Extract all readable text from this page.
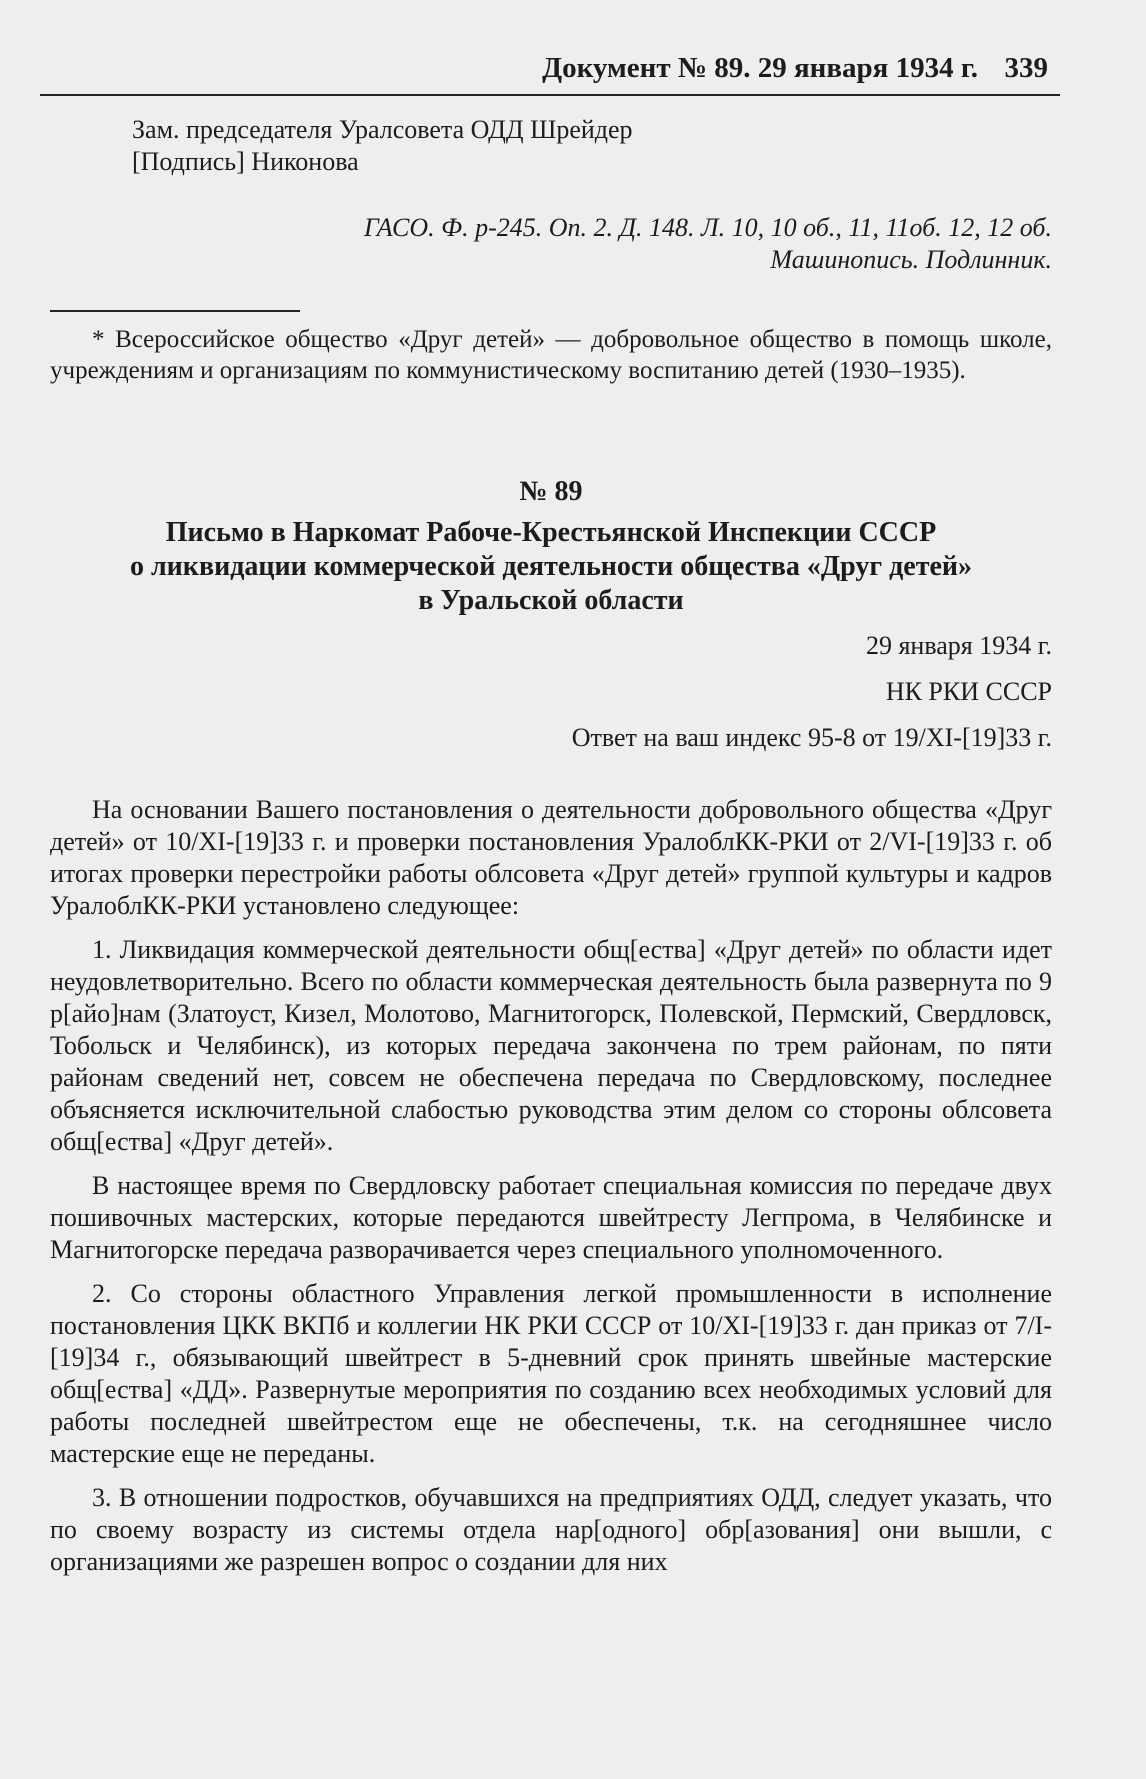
Документ № 89. 29 января 1934 г. 339
Зам. председателя Уралсовета ОДД Шрейдер
[Подпись] Никонова
ГАСО. Ф. р-245. Оп. 2. Д. 148. Л. 10, 10 об., 11, 11об. 12, 12 об.
Машинопись. Подлинник.
* Всероссийское общество «Друг детей» — добровольное общество в помощь школе, учреждениям и организациям по коммунистическому воспитанию детей (1930–1935).
№ 89
Письмо в Наркомат Рабоче-Крестьянской Инспекции СССР
о ликвидации коммерческой деятельности общества «Друг детей»
в Уральской области
29 января 1934 г.
НК РКИ СССР
Ответ на ваш индекс 95-8 от 19/XI-[19]33 г.

На основании Вашего постановления о деятельности добровольного общества «Друг детей» от 10/XI-[19]33 г. и проверки постановления УралоблКК-РКИ от 2/VI-[19]33 г. об итогах проверки перестройки работы облсовета «Друг детей» группой культуры и кадров УралоблКК-РКИ установлено следующее:

1. Ликвидация коммерческой деятельности общ[ества] «Друг детей» по области идет неудовлетворительно. Всего по области коммерческая деятельность была развернута по 9 р[айо]нам (Златоуст, Кизел, Молотово, Магнитогорск, Полевской, Пермский, Свердловск, Тобольск и Челябинск), из которых передача закончена по трем районам, по пяти районам сведений нет, совсем не обеспечена передача по Свердловскому, последнее объясняется исключительной слабостью руководства этим делом со стороны облсовета общ[ества] «Друг детей».

В настоящее время по Свердловску работает специальная комиссия по передаче двух пошивочных мастерских, которые передаются швейтресту Легпрома, в Челябинске и Магнитогорске передача разворачивается через специального уполномоченного.

2. Со стороны областного Управления легкой промышленности в исполнение постановления ЦКК ВКПб и коллегии НК РКИ СССР от 10/XI-[19]33 г. дан приказ от 7/I-[19]34 г., обязывающий швейтрест в 5-дневний срок принять швейные мастерские общ[ества] «ДД». Развернутые мероприятия по созданию всех необходимых условий для работы последней швейтрестом еще не обеспечены, т.к. на сегодняшнее число мастерские еще не переданы.

3. В отношении подростков, обучавшихся на предприятиях ОДД, следует указать, что по своему возрасту из системы отдела нар[одного] обр[азования] они вышли, с организациями же разрешен вопрос о создании для них
